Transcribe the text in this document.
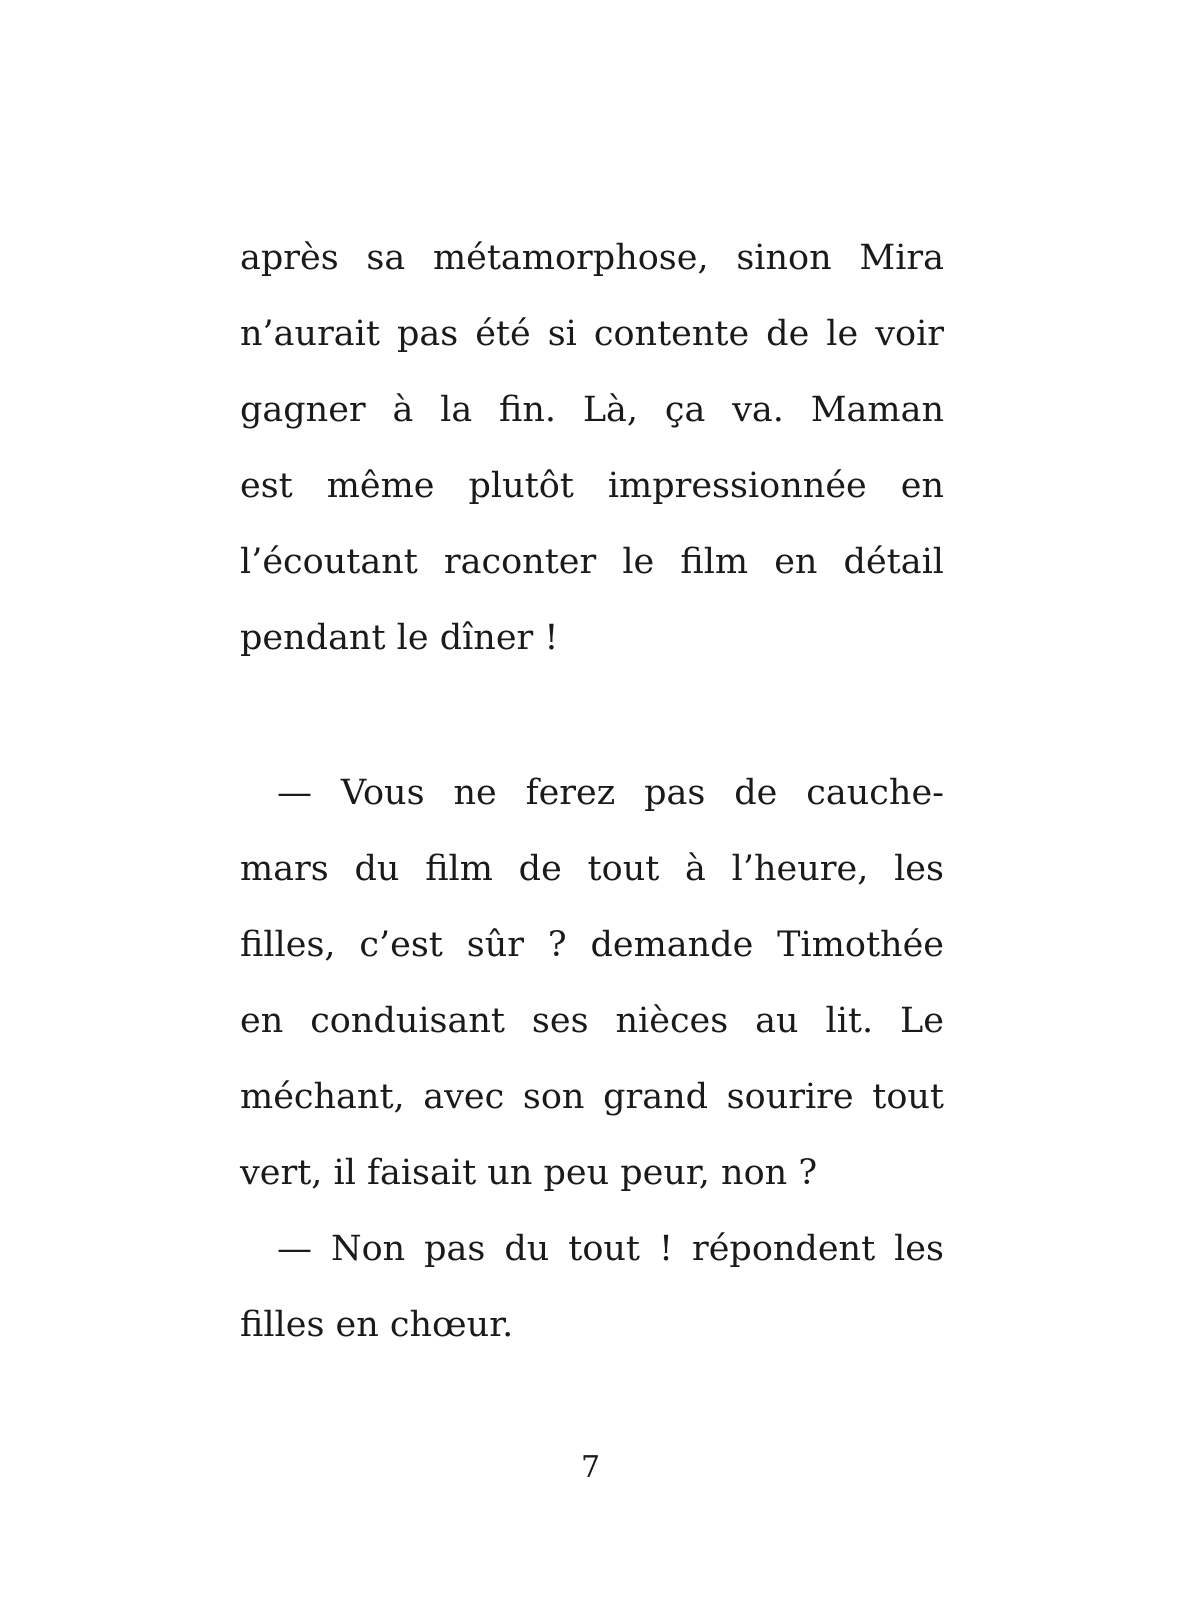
après sa métamorphose, sinon Mira
n’aurait pas été si contente de le voir
gagner à la fin. Là, ça va. Maman
est même plutôt impressionnée en
l’écoutant raconter le film en détail
pendant le dîner !
— Vous ne ferez pas de cauche-
mars du film de tout à l’heure, les
filles, c’est sûr ? demande Timothée
en conduisant ses nièces au lit. Le
méchant, avec son grand sourire tout
vert, il faisait un peu peur, non ?
— Non pas du tout ! répondent les
filles en chœur.
7
